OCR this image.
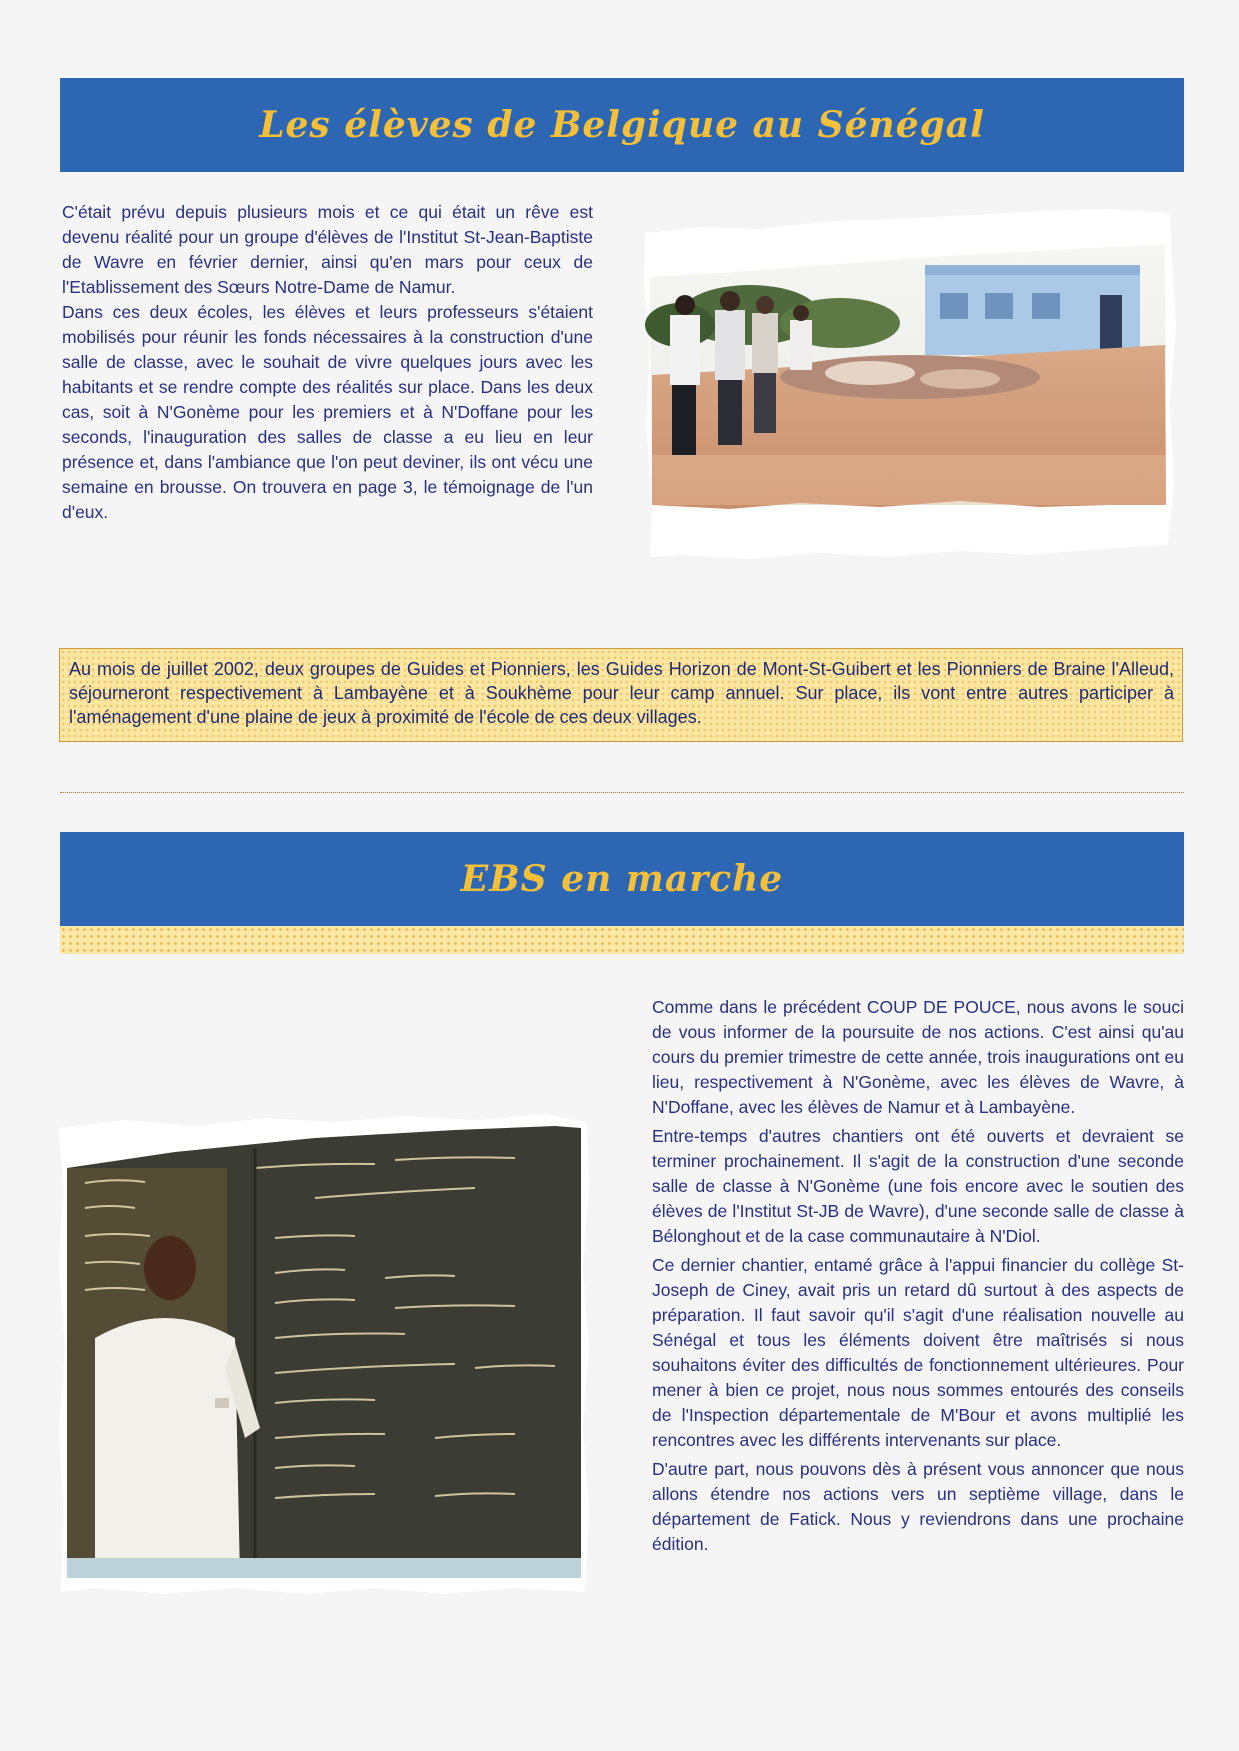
Les élèves de Belgique au Sénégal

C'était prévu depuis plusieurs mois et ce qui était un rêve est devenu réalité pour un groupe d'élèves de l'Institut St-Jean-Baptiste de Wavre en février dernier, ainsi qu'en mars pour ceux de l'Etablissement des Sœurs Notre-Dame de Namur.

Dans ces deux écoles, les élèves et leurs professeurs s'étaient mobilisés pour réunir les fonds nécessaires à la construction d'une salle de classe, avec le souhait de vivre quelques jours avec les habitants et se rendre compte des réalités sur place. Dans les deux cas, soit à N'Gonème pour les premiers et à N'Doffane pour les seconds, l'inauguration des salles de classe a eu lieu en leur présence et, dans l'ambiance que l'on peut deviner, ils ont vécu une semaine en brousse. On trouvera en page 3, le témoignage de l'un d'eux.

Au mois de juillet 2002, deux groupes de Guides et Pionniers, les Guides Horizon de Mont-St-Guibert et les Pionniers de Braine l'Alleud, séjourneront respectivement à Lambayène et à Soukhème pour leur camp annuel. Sur place, ils vont entre autres participer à l'aménagement d'une plaine de jeux à proximité de l'école de ces deux villages.
EBS en marche

Comme dans le précédent COUP DE POUCE, nous avons le souci de vous informer de la poursuite de nos actions. C'est ainsi qu'au cours du premier trimestre de cette année, trois inaugurations ont eu lieu, respectivement à N'Gonème, avec les élèves de Wavre, à N'Doffane, avec les élèves de Namur et à Lambayène.

Entre-temps d'autres chantiers ont été ouverts et devraient se terminer prochainement. Il s'agit de la construction d'une seconde salle de classe à N'Gonème (une fois encore avec le soutien des élèves de l'Institut St-JB de Wavre), d'une seconde salle de classe à Bélonghout et de la case communautaire à N'Diol.

Ce dernier chantier, entamé grâce à l'appui financier du collège St-Joseph de Ciney, avait pris un retard dû surtout à des aspects de préparation. Il faut savoir qu'il s'agit d'une réalisation nouvelle au Sénégal et tous les éléments doivent être maîtrisés si nous souhaitons éviter des difficultés de fonctionnement ultérieures. Pour mener à bien ce projet, nous nous sommes entourés des conseils de l'Inspection départementale de M'Bour et avons multiplié les rencontres avec les différents intervenants sur place.

D'autre part, nous pouvons dès à présent vous annoncer que nous allons étendre nos actions vers un septième village, dans le département de Fatick. Nous y reviendrons dans une prochaine édition.
